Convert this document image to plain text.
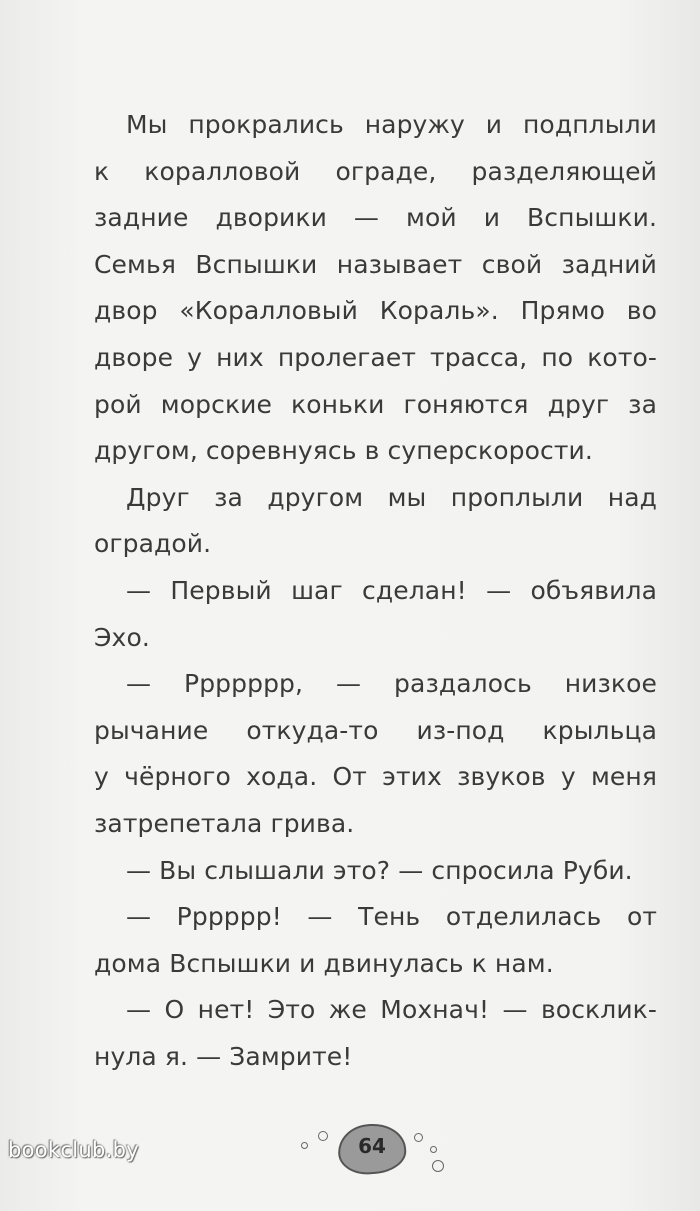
Мы прокрались наружу и подплыли
к коралловой ограде, разделяющей
задние дворики — мой и Вспышки.
Семья Вспышки называет свой задний
двор «Коралловый Кораль». Прямо во
дворе у них пролегает трасса, по кото-
рой морские коньки гоняются друг за
другом, соревнуясь в суперскорости.
Друг за другом мы проплыли над
оградой.
— Первый шаг сделан! — объявила
Эхо.
— Ррррррр, — раздалось низкое
рычание откуда-то из-под крыльца
у чёрного хода. От этих звуков у меня
затрепетала грива.
— Вы слышали это? — спросила Руби.
— Рррррр! — Тень отделилась от
дома Вспышки и двинулась к нам.
— О нет! Это же Мохнач! — воcклик-
нула я. — Замрите!
64
bookclub.by
